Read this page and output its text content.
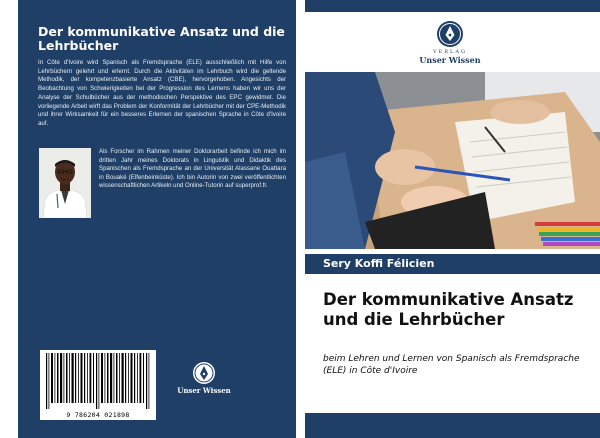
Der kommunikative Ansatz und die Lehrbücher
In Côte d'Ivoire wird Spanisch als Fremdsprache (ELE) ausschließlich mit Hilfe von Lehrbüchern gelehrt und erlernt. Durch die Aktivitäten im Lehrbuch wird die geltende Methodik, der kompetenzbasierte Ansatz (CBE), hervorgehoben. Angesichts der Beobachtung von Schwierigkeiten bei der Progression des Lernens haben wir uns der Analyse der Schulbücher aus der methodischen Perspektive des EPC gewidmet. Die vorliegende Arbeit wirft das Problem der Konformität der Lehrbücher mit der CPE-Methodik und ihrer Wirksamkeit für ein besseres Erlernen der spanischen Sprache in Côte d'Ivoire auf.
Als Forscher im Rahmen meiner Doktorarbeit befinde ich mich im dritten Jahr meines Doktorats in Linguistik und Didaktik des Spanischen als Fremdsprache an der Universität Alassane Ouattara in Bouaké (Elfenbeinküste). Ich bin Autorin von zwei veröffentlichten wissenschaftlichen Artikeln und Online-Tutorin auf superprof.fr.
9 786204 021898
Unser Wissen
VERLAG
Unser Wissen
Sery Koffi Félicien
Der kommunikative Ansatz und die Lehrbücher
beim Lehren und Lernen von Spanisch als Fremdsprache (ELE) in Côte d'Ivoire
